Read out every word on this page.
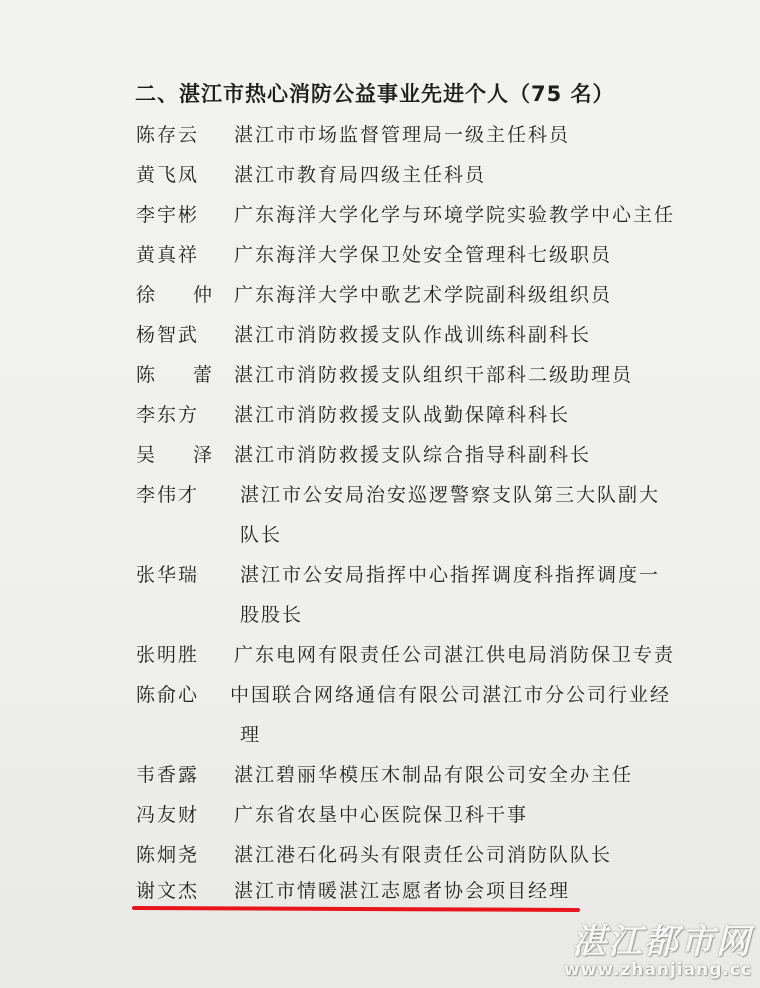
二、湛江市热心消防公益事业先进个人（75 名）
陈存云 湛江市市场监督管理局一级主任科员
黄飞凤 湛江市教育局四级主任科员
李宇彬 广东海洋大学化学与环境学院实验教学中心主任
黄真祥 广东海洋大学保卫处安全管理科七级职员
徐 仲 广东海洋大学中歌艺术学院副科级组织员
杨智武 湛江市消防救援支队作战训练科副科长
陈 蕾 湛江市消防救援支队组织干部科二级助理员
李东方 湛江市消防救援支队战勤保障科科长
吴 泽 湛江市消防救援支队综合指导科副科长
李伟才 湛江市公安局治安巡逻警察支队第三大队副大
队长
张华瑞 湛江市公安局指挥中心指挥调度科指挥调度一
股股长
张明胜 广东电网有限责任公司湛江供电局消防保卫专责
陈俞心 中国联合网络通信有限公司湛江市分公司行业经
理
韦香露 湛江碧丽华模压木制品有限公司安全办主任
冯友财 广东省农垦中心医院保卫科干事
陈炯尧 湛江港石化码头有限责任公司消防队队长
谢文杰 湛江市情暖湛江志愿者协会项目经理
湛江都市网
www.zhanjiang.cc
